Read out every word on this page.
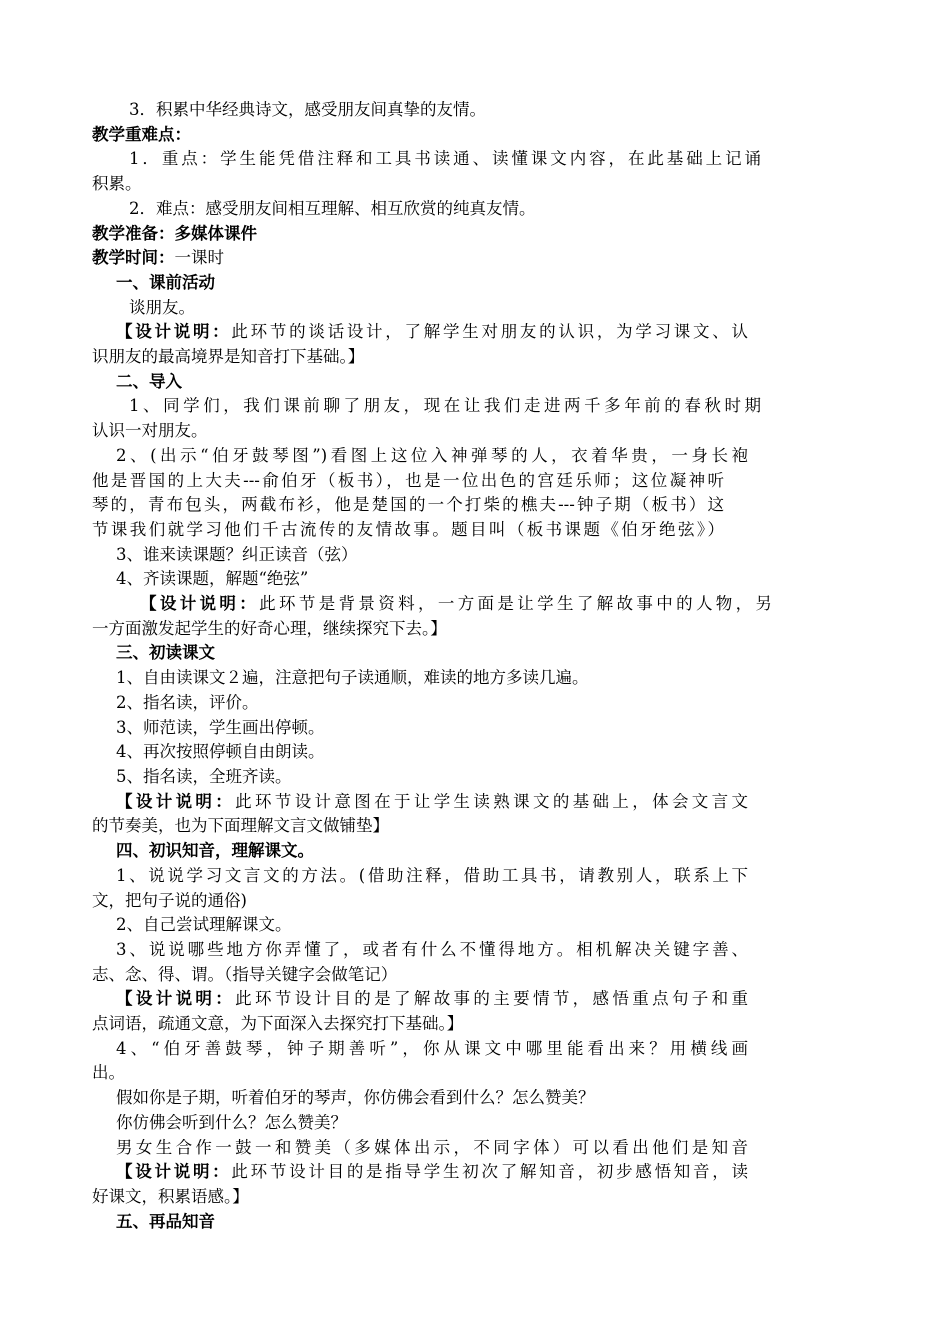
3．积累中华经典诗文，感受朋友间真挚的友情。
教学重难点：
1．重点：学生能凭借注释和工具书读通、读懂课文内容，在此基础上记诵
积累。
2．难点：感受朋友间相互理解、相互欣赏的纯真友情。
教学准备：多媒体课件
教学时间：一课时
一、课前活动
谈朋友。
【设计说明：此环节的谈话设计，了解学生对朋友的认识，为学习课文、认
识朋友的最高境界是知音打下基础。】
二、导入
1、同学们，我们课前聊了朋友，现在让我们走进两千多年前的春秋时期
认识一对朋友。
2、(出示“伯牙鼓琴图”)看图上这位入神弹琴的人，衣着华贵，一身长袍
他是晋国的上大夫---俞伯牙（板书），也是一位出色的宫廷乐师；这位凝神听
琴的，青布包头，两截布衫，他是楚国的一个打柴的樵夫---钟子期（板书）这
节课我们就学习他们千古流传的友情故事。题目叫（板书课题《伯牙绝弦》）
3、谁来读课题？纠正读音（弦）
4、齐读课题，解题“绝弦”
【设计说明：此环节是背景资料，一方面是让学生了解故事中的人物，另
一方面激发起学生的好奇心理，继续探究下去。】
三、初读课文
1、自由读课文２遍，注意把句子读通顺，难读的地方多读几遍。
2、指名读，评价。
3、师范读，学生画出停顿。
4、再次按照停顿自由朗读。
5、指名读，全班齐读。
【设计说明：此环节设计意图在于让学生读熟课文的基础上，体会文言文
的节奏美，也为下面理解文言文做铺垫】
四、初识知音，理解课文。
1、说说学习文言文的方法。(借助注释，借助工具书，请教别人，联系上下
文，把句子说的通俗)
2、自己尝试理解课文。
3、说说哪些地方你弄懂了，或者有什么不懂得地方。相机解决关键字善、
志、念、得、谓。（指导关键字会做笔记）
【设计说明：此环节设计目的是了解故事的主要情节，感悟重点句子和重
点词语，疏通文意，为下面深入去探究打下基础。】
4、“伯牙善鼓琴，钟子期善听”，你从课文中哪里能看出来？用横线画
出。
假如你是子期，听着伯牙的琴声，你仿佛会看到什么？怎么赞美？
你仿佛会听到什么？怎么赞美？
男女生合作一鼓一和赞美（多媒体出示，不同字体）可以看出他们是知音
【设计说明：此环节设计目的是指导学生初次了解知音，初步感悟知音，读
好课文，积累语感。】
五、再品知音
